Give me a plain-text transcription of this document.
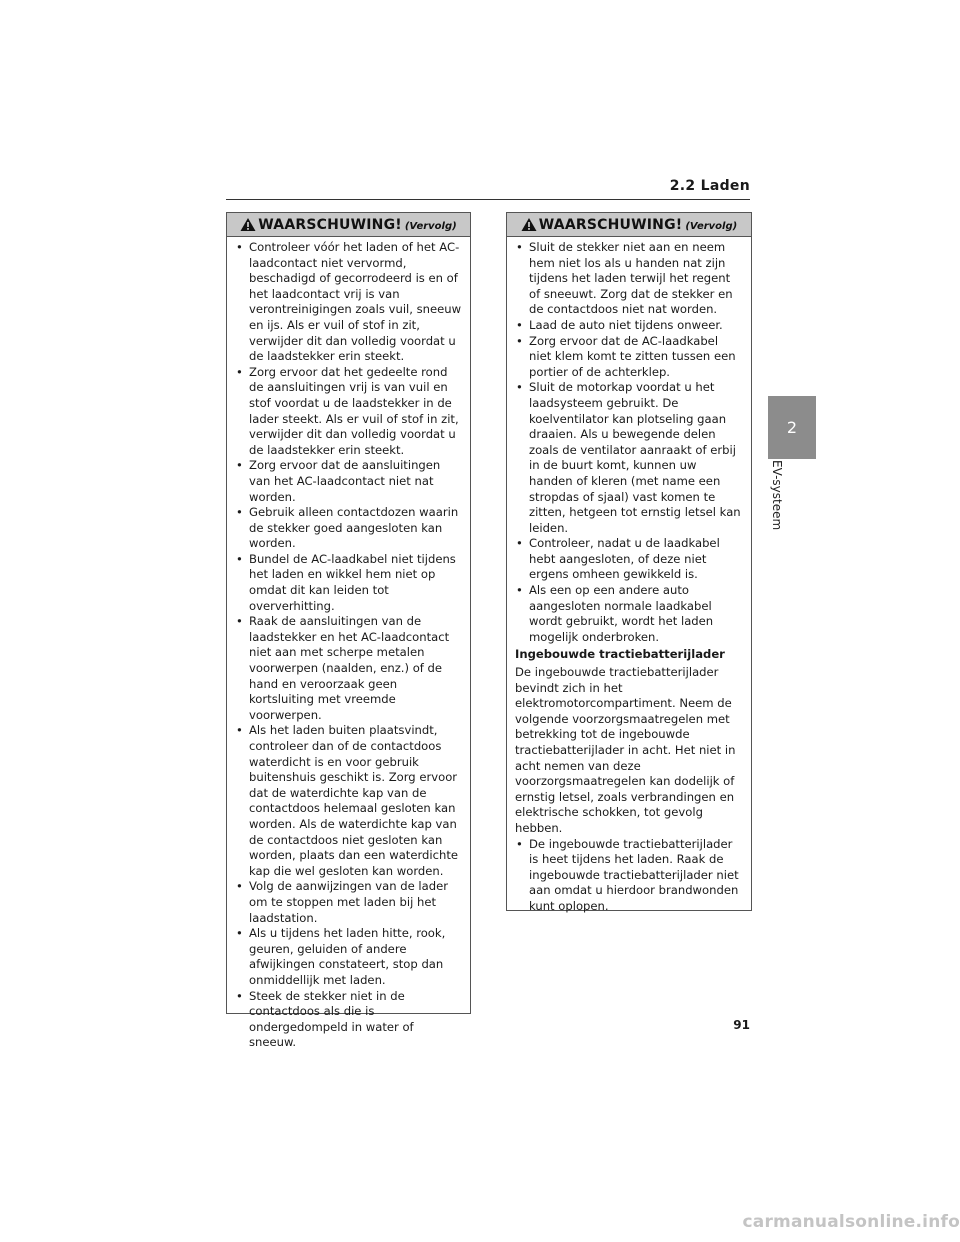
2.2 Laden
2
EV-systeem
WAARSCHUWING! (Vervolg)
• Controleer vóór het laden of het AC-laadcontact niet vervormd, beschadigd of gecorrodeerd is en of het laadcontact vrij is van verontreinigingen zoals vuil, sneeuw en ijs. Als er vuil of stof in zit, verwijder dit dan volledig voordat u de laadstekker erin steekt.
• Zorg ervoor dat het gedeelte rond de aansluitingen vrij is van vuil en stof voordat u de laadstekker in de lader steekt. Als er vuil of stof in zit, verwijder dit dan volledig voordat u de laadstekker erin steekt.
• Zorg ervoor dat de aansluitingen van het AC-laadcontact niet nat worden.
• Gebruik alleen contactdozen waarin de stekker goed aangesloten kan worden.
• Bundel de AC-laadkabel niet tijdens het laden en wikkel hem niet op omdat dit kan leiden tot oververhitting.
• Raak de aansluitingen van de laadstekker en het AC-laadcontact niet aan met scherpe metalen voorwerpen (naalden, enz.) of de hand en veroorzaak geen kortsluiting met vreemde voorwerpen.
• Als het laden buiten plaatsvindt, controleer dan of de contactdoos waterdicht is en voor gebruik buitenshuis geschikt is. Zorg ervoor dat de waterdichte kap van de contactdoos helemaal gesloten kan worden. Als de waterdichte kap van de contactdoos niet gesloten kan worden, plaats dan een waterdichte kap die wel gesloten kan worden.
• Volg de aanwijzingen van de lader om te stoppen met laden bij het laadstation.
• Als u tijdens het laden hitte, rook, geuren, geluiden of andere afwijkingen constateert, stop dan onmiddellijk met laden.
• Steek de stekker niet in de contactdoos als die is ondergedompeld in water of sneeuw.
WAARSCHUWING! (Vervolg)
• Sluit de stekker niet aan en neem hem niet los als u handen nat zijn tijdens het laden terwijl het regent of sneeuwt. Zorg dat de stekker en de contactdoos niet nat worden.
• Laad de auto niet tijdens onweer.
• Zorg ervoor dat de AC-laadkabel niet klem komt te zitten tussen een portier of de achterklep.
• Sluit de motorkap voordat u het laadsysteem gebruikt. De koelventilator kan plotseling gaan draaien. Als u bewegende delen zoals de ventilator aanraakt of erbij in de buurt komt, kunnen uw handen of kleren (met name een stropdas of sjaal) vast komen te zitten, hetgeen tot ernstig letsel kan leiden.
• Controleer, nadat u de laadkabel hebt aangesloten, of deze niet ergens omheen gewikkeld is.
• Als een op een andere auto aangesloten normale laadkabel wordt gebruikt, wordt het laden mogelijk onderbroken.
Ingebouwde tractiebatterijlader

De ingebouwde tractiebatterijlader bevindt zich in het elektromotorcompartiment. Neem de volgende voorzorgsmaatregelen met betrekking tot de ingebouwde tractiebatterijlader in acht. Het niet in acht nemen van deze voorzorgsmaatregelen kan dodelijk of ernstig letsel, zoals verbrandingen en elektrische schokken, tot gevolg hebben.

• De ingebouwde tractiebatterijlader is heet tijdens het laden. Raak de ingebouwde tractiebatterijlader niet aan omdat u hierdoor brandwonden kunt oplopen.
91
carmanualsonline.info
